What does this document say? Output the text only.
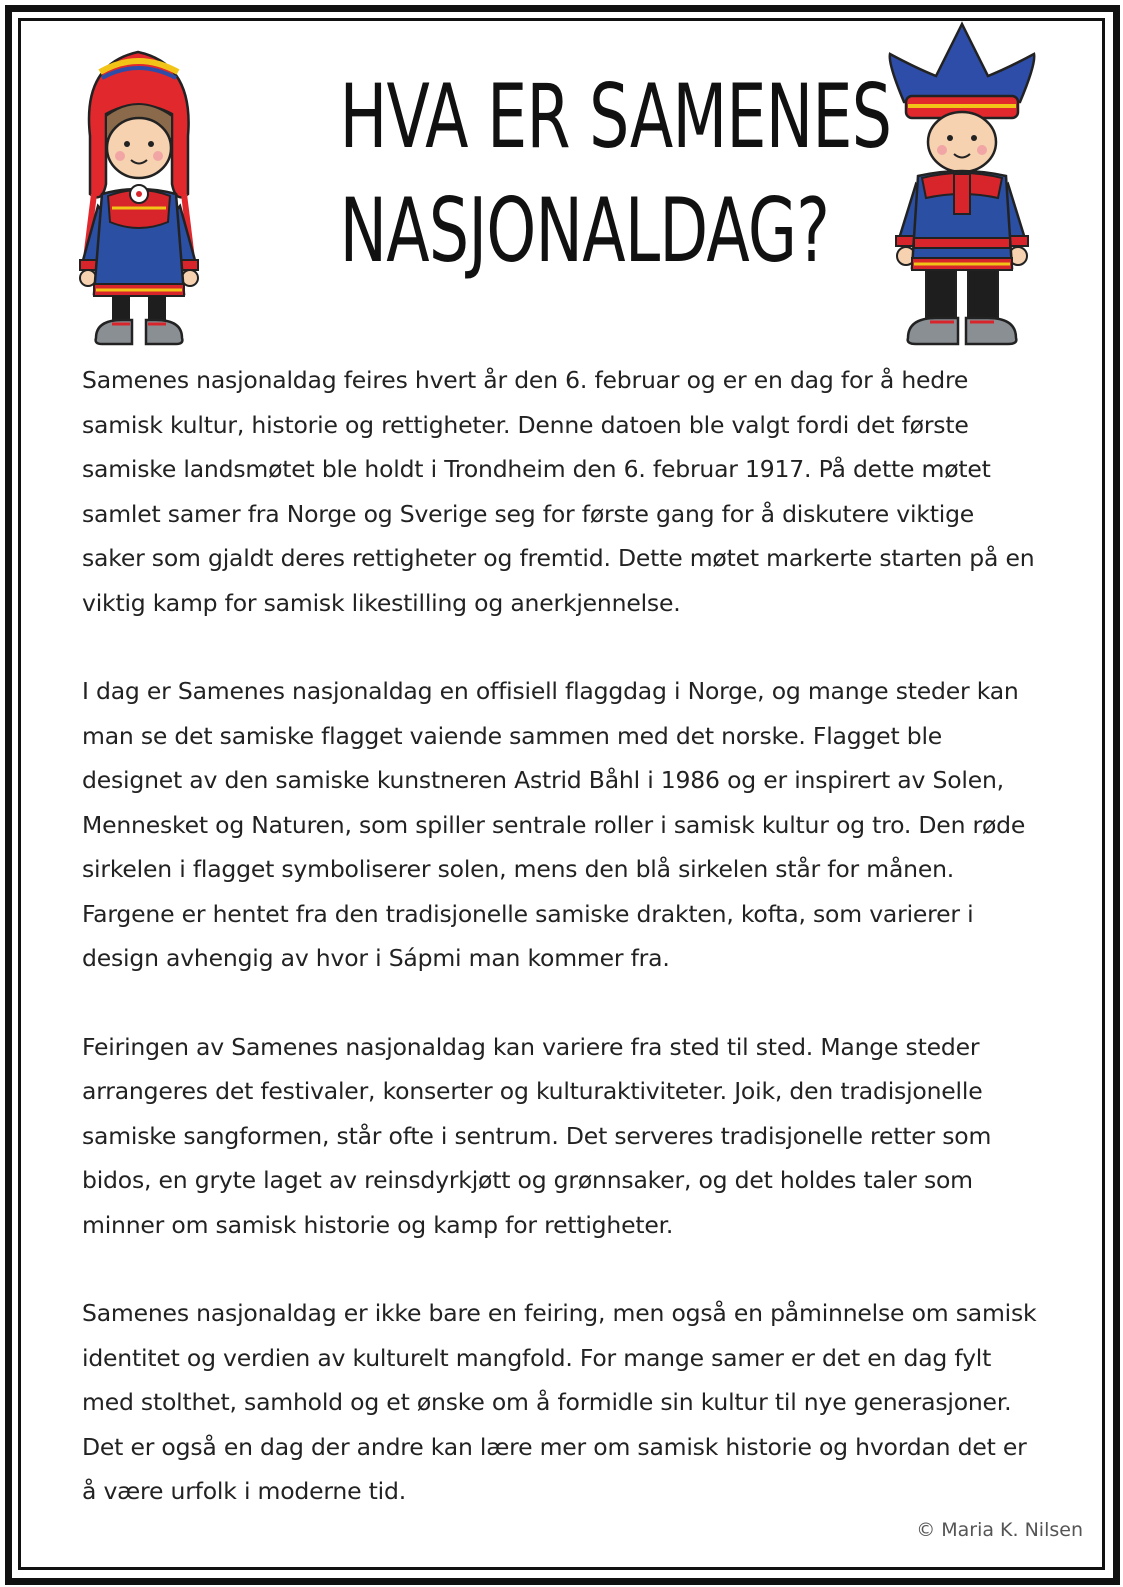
HVA ER SAMENES
NASJONALDAG?

Samenes nasjonaldag feires hvert år den 6. februar og er en dag for å hedre samisk kultur, historie og rettigheter. Denne datoen ble valgt fordi det første samiske landsmøtet ble holdt i Trondheim den 6. februar 1917. På dette møtet samlet samer fra Norge og Sverige seg for første gang for å diskutere viktige saker som gjaldt deres rettigheter og fremtid. Dette møtet markerte starten på en viktig kamp for samisk likestilling og anerkjennelse.

I dag er Samenes nasjonaldag en offisiell flaggdag i Norge, og mange steder kan man se det samiske flagget vaiende sammen med det norske. Flagget ble designet av den samiske kunstneren Astrid Båhl i 1986 og er inspirert av Solen, Mennesket og Naturen, som spiller sentrale roller i samisk kultur og tro. Den røde sirkelen i flagget symboliserer solen, mens den blå sirkelen står for månen. Fargene er hentet fra den tradisjonelle samiske drakten, kofta, som varierer i design avhengig av hvor i Sápmi man kommer fra.

Feiringen av Samenes nasjonaldag kan variere fra sted til sted. Mange steder arrangeres det festivaler, konserter og kulturaktiviteter. Joik, den tradisjonelle samiske sangformen, står ofte i sentrum. Det serveres tradisjonelle retter som bidos, en gryte laget av reinsdyrkjøtt og grønnsaker, og det holdes taler som minner om samisk historie og kamp for rettigheter.

Samenes nasjonaldag er ikke bare en feiring, men også en påminnelse om samisk identitet og verdien av kulturelt mangfold. For mange samer er det en dag fylt med stolthet, samhold og et ønske om å formidle sin kultur til nye generasjoner. Det er også en dag der andre kan lære mer om samisk historie og hvordan det er å være urfolk i moderne tid.

© Maria K. Nilsen
